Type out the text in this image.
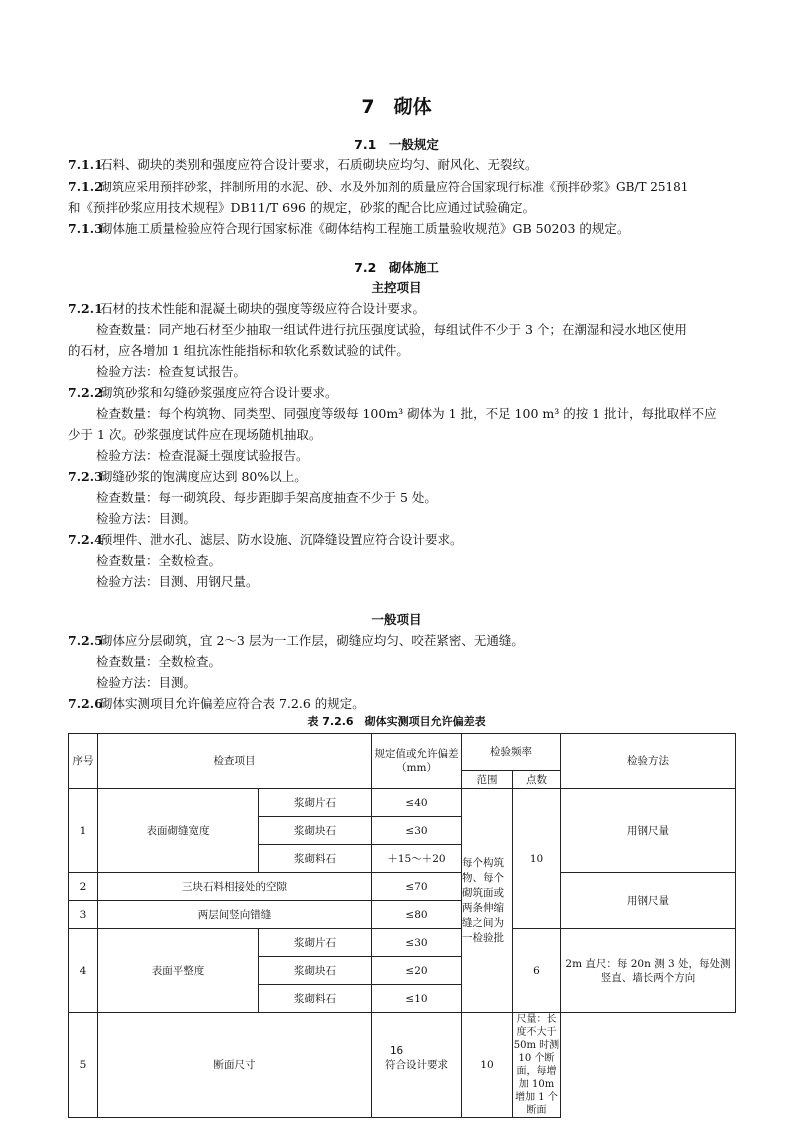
7　砌体
7.1　一般规定
7.1.1石料、砌块的类别和强度应符合设计要求，石质砌块应均匀、耐风化、无裂纹。
7.1.2砌筑应采用预拌砂浆，拌制所用的水泥、砂、水及外加剂的质量应符合国家现行标准《预拌砂浆》GB/T 25181
和《预拌砂浆应用技术规程》DB11/T 696 的规定，砂浆的配合比应通过试验确定。
7.1.3砌体施工质量检验应符合现行国家标准《砌体结构工程施工质量验收规范》GB 50203 的规定。
7.2　砌体施工
主控项目
7.2.1石材的技术性能和混凝土砌块的强度等级应符合设计要求。
检查数量：同产地石材至少抽取一组试件进行抗压强度试验，每组试件不少于 3 个；在潮湿和浸水地区使用
的石材，应各增加 1 组抗冻性能指标和软化系数试验的试件。
检验方法：检查复试报告。
7.2.2砌筑砂浆和勾缝砂浆强度应符合设计要求。
检查数量：每个构筑物、同类型、同强度等级每 100m³ 砌体为 1 批，不足 100 m³ 的按 1 批计，每批取样不应
少于 1 次。砂浆强度试件应在现场随机抽取。
检验方法：检查混凝土强度试验报告。
7.2.3砌缝砂浆的饱满度应达到 80%以上。
检查数量：每一砌筑段、每步距脚手架高度抽查不少于 5 处。
检验方法：目测。
7.2.4预埋件、泄水孔、滤层、防水设施、沉降缝设置应符合设计要求。
检查数量：全数检查。
检验方法：目测、用钢尺量。
一般项目
7.2.5砌体应分层砌筑，宜 2～3 层为一工作层，砌缝应均匀、咬茬紧密、无通缝。
检查数量：全数检查。
检验方法：目测。
7.2.6砌体实测项目允许偏差应符合表 7.2.6 的规定。
表 7.2.6　砌体实测项目允许偏差表
序号	检查项目		规定值或允许偏差（mm）	检验频率		检验方法
				范围	点数	
1	表面砌缝宽度	浆砌片石	≤40	每个构筑物、每个砌筑面或两条伸缩缝之间为一检验批	10	用钢尺量
		浆砌块石	≤30			
		浆砌料石	＋15～＋20			
2	三块石料相接处的空隙		≤70			用钢尺量
3	两层间竖向错缝		≤80			
4	表面平整度	浆砌片石	≤30		6	2m 直尺：每 20n 测 3 处，每处测竖直、墙长两个方向
		浆砌块石	≤20			
		浆砌料石	≤10			
5	断面尺寸		符合设计要求	10	尺量：长度不大于 50m 时测 10 个断面，每增加 10m 增加 1 个断面	
16
